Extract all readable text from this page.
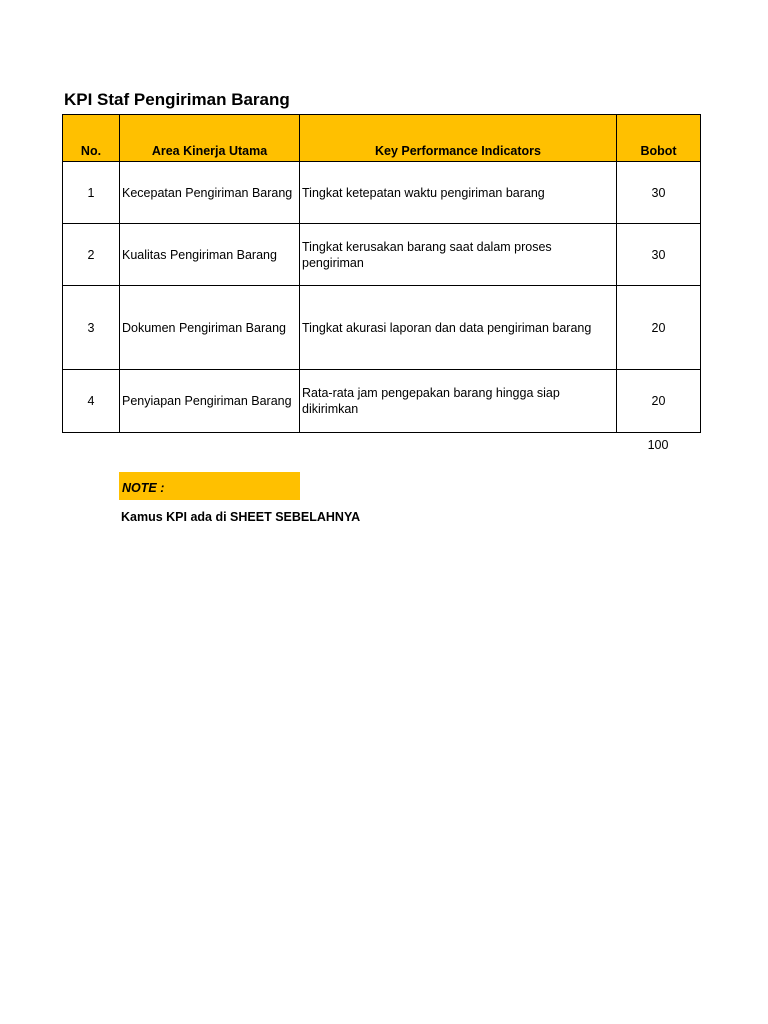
KPI Staf Pengiriman Barang
No.	Area Kinerja Utama	Key Performance Indicators	Bobot
1	Kecepatan Pengiriman Barang	Tingkat ketepatan waktu pengiriman barang	30
2	Kualitas Pengiriman Barang	Tingkat kerusakan barang saat dalam proses pengiriman	30
3	Dokumen Pengiriman Barang	Tingkat akurasi laporan dan data pengiriman barang	20
4	Penyiapan Pengiriman Barang	Rata-rata jam pengepakan barang hingga siap dikirimkan	20
100
NOTE :
Kamus KPI ada di SHEET SEBELAHNYA
